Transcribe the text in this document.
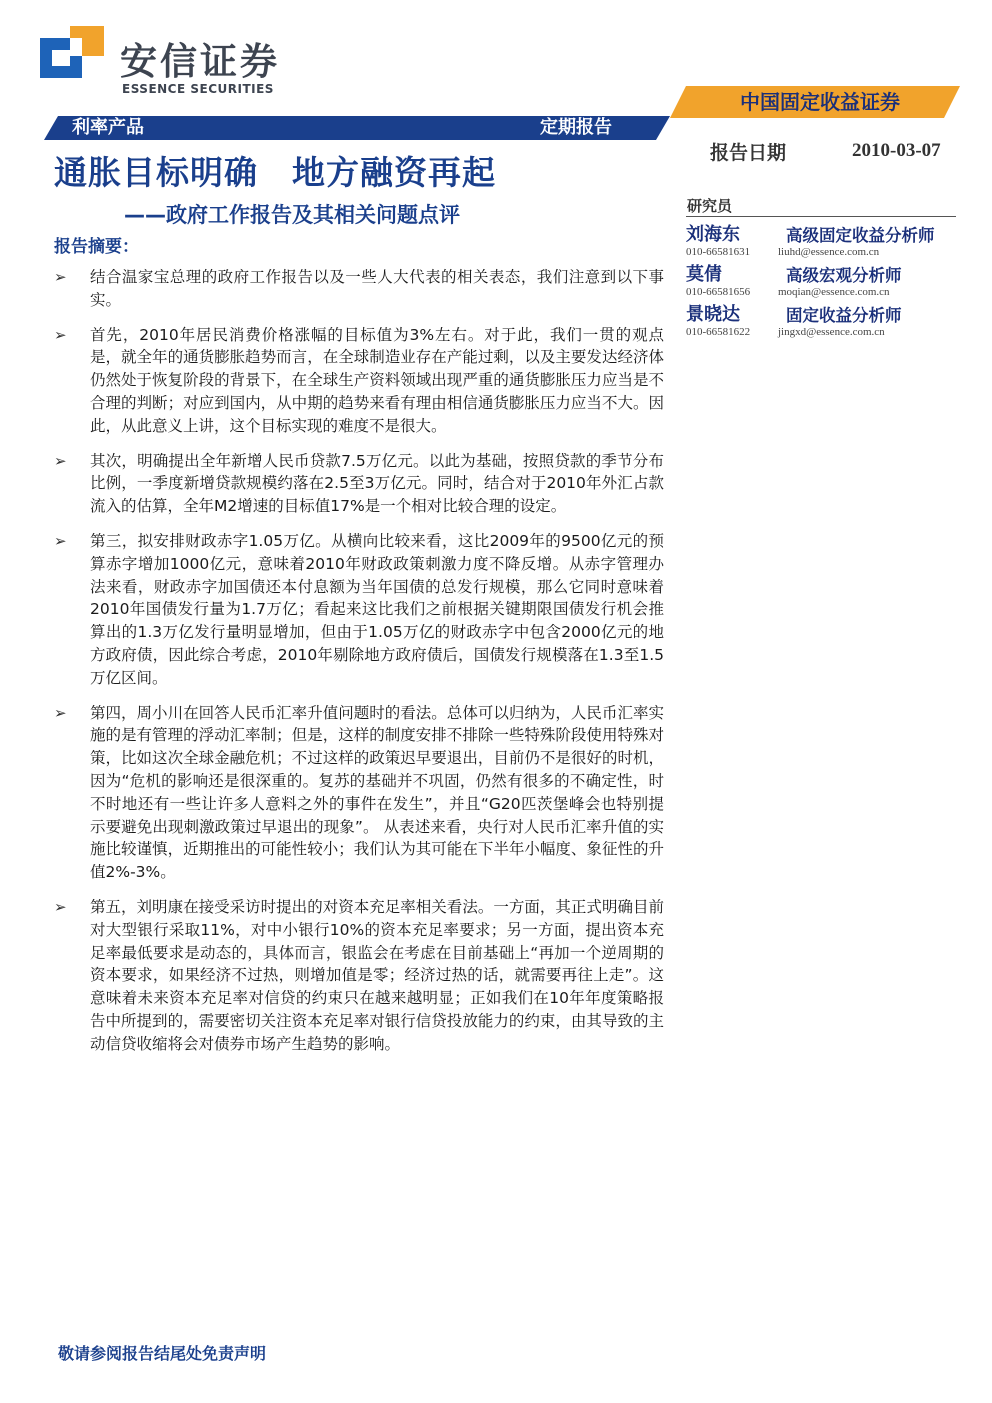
安信证券
ESSENCE SECURITIES
中国固定收益证券
利率产品	定期报告
报告日期	2010-03-07
通胀目标明确　地方融资再起
——政府工作报告及其相关问题点评
报告摘要：
➢ 结合温家宝总理的政府工作报告以及一些人大代表的相关表态，我们注意到以下事实。
➢ 首先，2010年居民消费价格涨幅的目标值为3%左右。对于此，我们一贯的观点是，就全年的通货膨胀趋势而言，在全球制造业存在产能过剩，以及主要发达经济体仍然处于恢复阶段的背景下，在全球生产资料领域出现严重的通货膨胀压力应当是不合理的判断；对应到国内，从中期的趋势来看有理由相信通货膨胀压力应当不大。因此，从此意义上讲，这个目标实现的难度不是很大。
➢ 其次，明确提出全年新增人民币贷款7.5万亿元。以此为基础，按照贷款的季节分布比例，一季度新增贷款规模约落在2.5至3万亿元。同时，结合对于2010年外汇占款流入的估算，全年M2增速的目标值17%是一个相对比较合理的设定。
➢ 第三，拟安排财政赤字1.05万亿。从横向比较来看，这比2009年的9500亿元的预算赤字增加1000亿元，意味着2010年财政政策刺激力度不降反增。从赤字管理办法来看，财政赤字加国债还本付息额为当年国债的总发行规模，那么它同时意味着2010年国债发行量为1.7万亿；看起来这比我们之前根据关键期限国债发行机会推算出的1.3万亿发行量明显增加，但由于1.05万亿的财政赤字中包含2000亿元的地方政府债，因此综合考虑，2010年剔除地方政府债后，国债发行规模落在1.3至1.5万亿区间。
➢ 第四，周小川在回答人民币汇率升值问题时的看法。总体可以归纳为，人民币汇率实施的是有管理的浮动汇率制；但是，这样的制度安排不排除一些特殊阶段使用特殊对策，比如这次全球金融危机；不过这样的政策迟早要退出，目前仍不是很好的时机，因为“危机的影响还是很深重的。复苏的基础并不巩固，仍然有很多的不确定性，时不时地还有一些让许多人意料之外的事件在发生”，并且“G20匹茨堡峰会也特别提示要避免出现刺激政策过早退出的现象”。 从表述来看，央行对人民币汇率升值的实施比较谨慎，近期推出的可能性较小；我们认为其可能在下半年小幅度、象征性的升值2%-3%。
➢ 第五，刘明康在接受采访时提出的对资本充足率相关看法。一方面，其正式明确目前对大型银行采取11%，对中小银行10%的资本充足率要求；另一方面，提出资本充足率最低要求是动态的，具体而言，银监会在考虑在目前基础上“再加一个逆周期的资本要求，如果经济不过热，则增加值是零；经济过热的话，就需要再往上走”。这意味着未来资本充足率对信贷的约束只在越来越明显；正如我们在10年年度策略报告中所提到的，需要密切关注资本充足率对银行信贷投放能力的约束，由其导致的主动信贷收缩将会对债券市场产生趋势的影响。
研究员
刘海东	高级固定收益分析师
010-66581631	liuhd@essence.com.cn
莫倩	高级宏观分析师
010-66581656	moqian@essence.com.cn
景晓达	固定收益分析师
010-66581622	jingxd@essence.com.cn
敬请参阅报告结尾处免责声明
